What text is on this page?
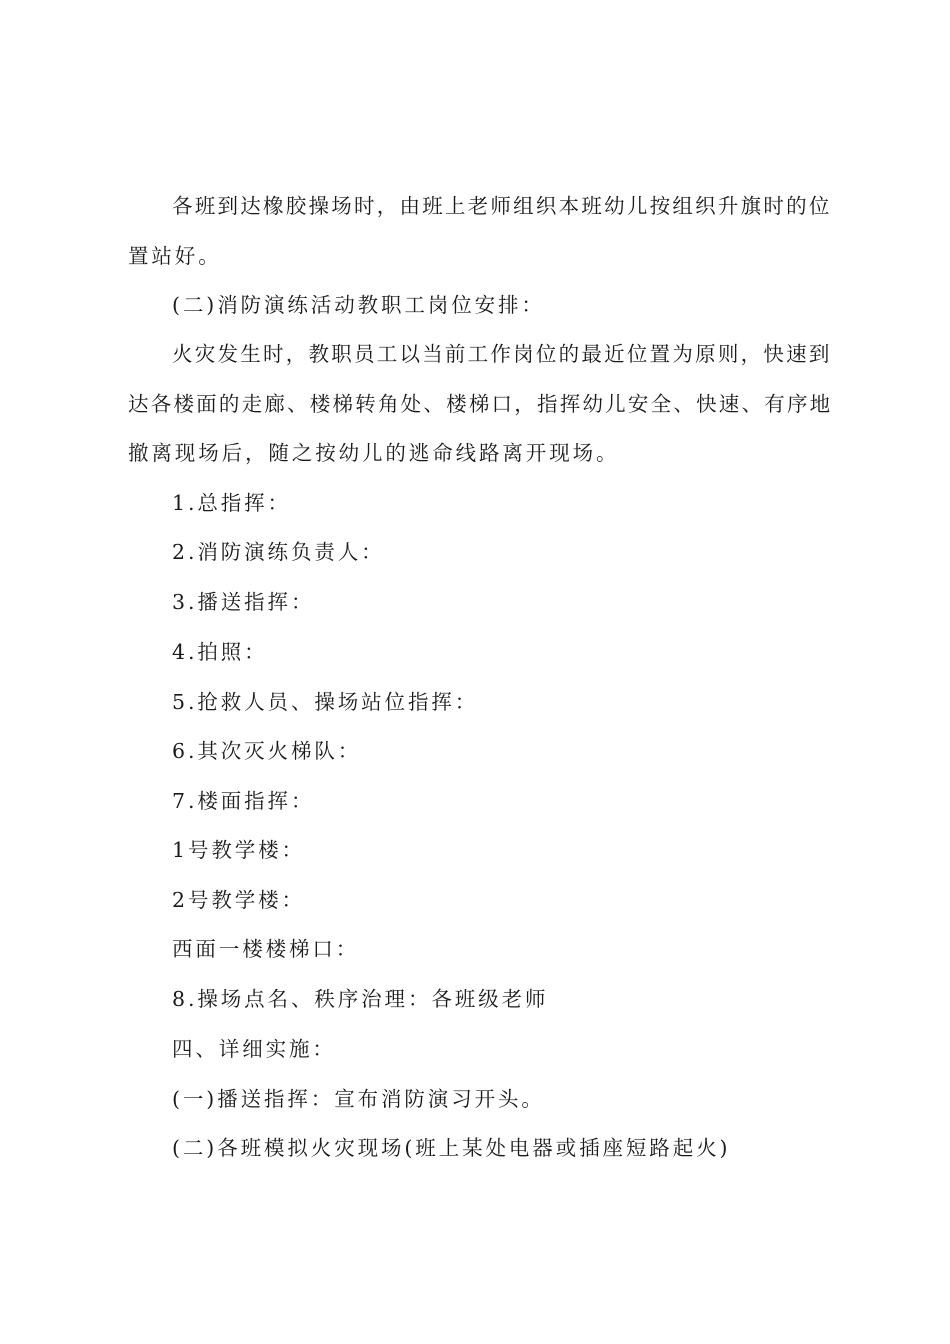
各班到达橡胶操场时，由班上老师组织本班幼儿按组织升旗时的位
置站好。
(二)消防演练活动教职工岗位安排：
火灾发生时，教职员工以当前工作岗位的最近位置为原则，快速到
达各楼面的走廊、楼梯转角处、楼梯口，指挥幼儿安全、快速、有序地
撤离现场后，随之按幼儿的逃命线路离开现场。
1.总指挥：
2.消防演练负责人：
3.播送指挥：
4.拍照：
5.抢救人员、操场站位指挥：
6.其次灭火梯队：
7.楼面指挥：
1号教学楼：
2号教学楼：
西面一楼楼梯口：
8.操场点名、秩序治理：各班级老师
四、详细实施：
(一)播送指挥：宣布消防演习开头。
(二)各班模拟火灾现场(班上某处电器或插座短路起火)
